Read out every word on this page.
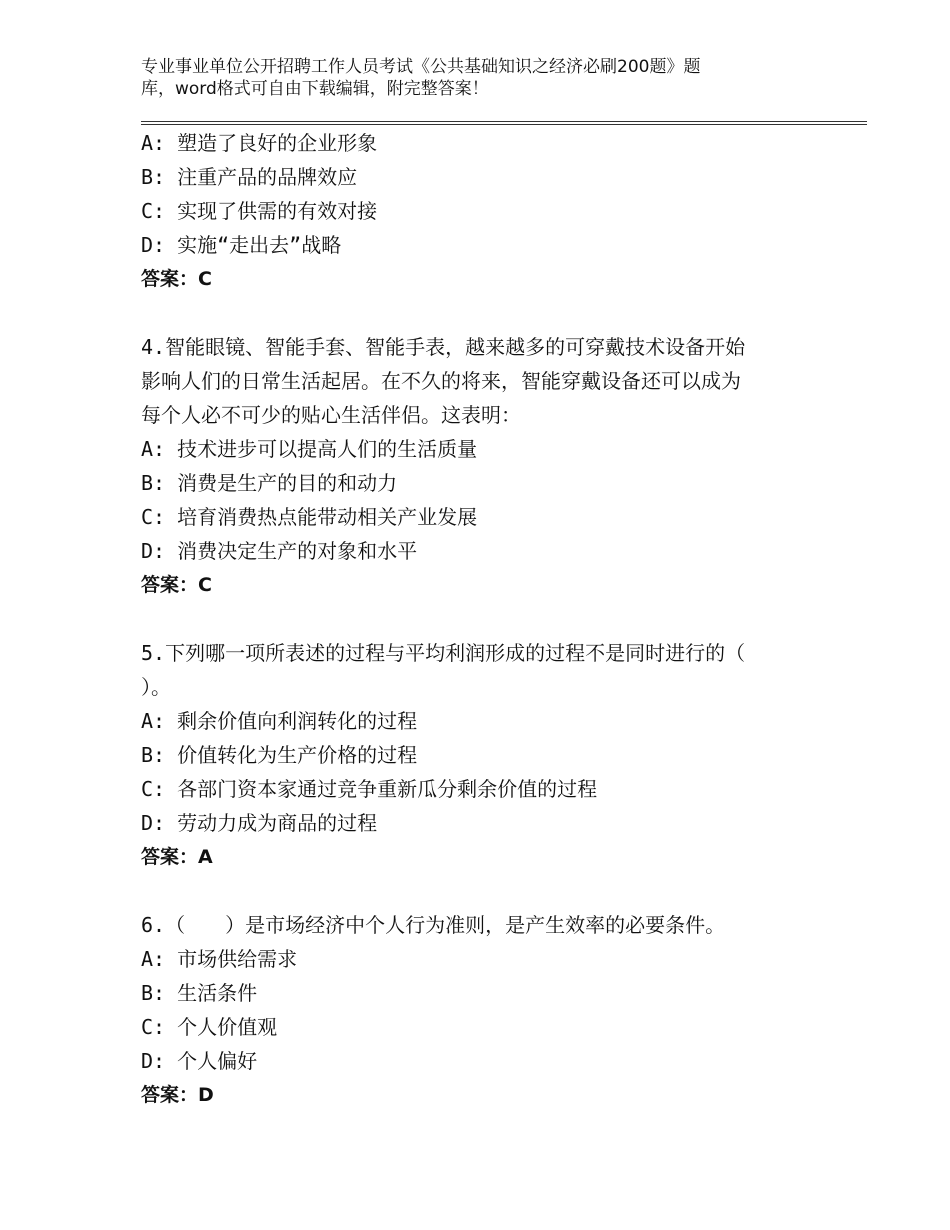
专业事业单位公开招聘工作人员考试《公共基础知识之经济必刷200题》题
库，word格式可自由下载编辑，附完整答案！
A: 塑造了良好的企业形象
B: 注重产品的品牌效应
C: 实现了供需的有效对接
D: 实施“走出去”战略
答案：C
4.智能眼镜、智能手套、智能手表，越来越多的可穿戴技术设备开始
影响人们的日常生活起居。在不久的将来，智能穿戴设备还可以成为
每个人必不可少的贴心生活伴侣。这表明：
A: 技术进步可以提高人们的生活质量
B: 消费是生产的目的和动力
C: 培育消费热点能带动相关产业发展
D: 消费决定生产的对象和水平
答案：C
5.下列哪一项所表述的过程与平均利润形成的过程不是同时进行的（
）。
A: 剩余价值向利润转化的过程
B: 价值转化为生产价格的过程
C: 各部门资本家通过竞争重新瓜分剩余价值的过程
D: 劳动力成为商品的过程
答案：A
6.（　　）是市场经济中个人行为准则，是产生效率的必要条件。
A: 市场供给需求
B: 生活条件
C: 个人价值观
D: 个人偏好
答案：D
